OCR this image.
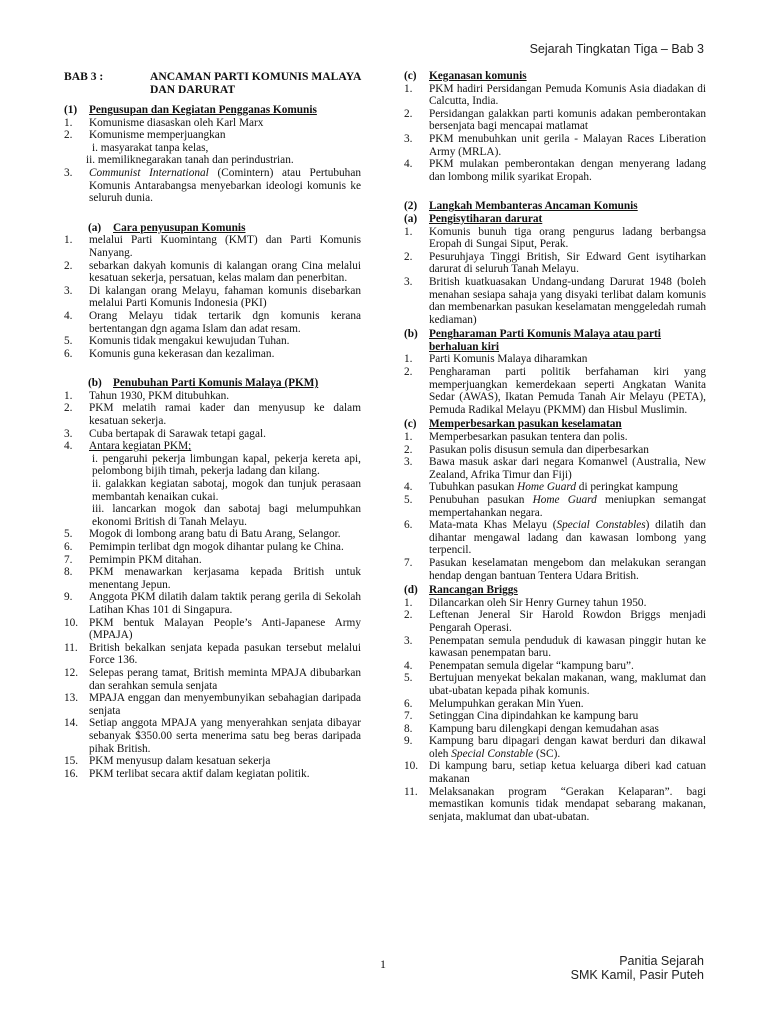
Sejarah Tingkatan Tiga – Bab 3
BAB 3 :	ANCAMAN PARTI KOMUNIS MALAYA DAN DARURAT
(1)	Pengusupan dan Kegiatan Pengganas Komunis
1.	Komunisme diasaskan oleh Karl Marx
2.	Komunisme memperjuangkan
i. masyarakat tanpa kelas,
ii. memiliknegarakan tanah dan perindustrian.
3.	Communist International (Comintern) atau Pertubuhan Komunis Antarabangsa menyebarkan ideologi komunis ke seluruh dunia.
(a)	Cara penyusupan Komunis
1.	melalui Parti Kuomintang (KMT) dan Parti Komunis Nanyang.
2.	sebarkan dakyah komunis di kalangan orang Cina melalui kesatuan sekerja, persatuan, kelas malam dan penerbitan.
3.	Di kalangan orang Melayu, fahaman komunis disebarkan melalui Parti Komunis Indonesia (PKI)
4.	Orang Melayu tidak tertarik dgn komunis kerana bertentangan dgn agama Islam dan adat resam.
5.	Komunis tidak mengakui kewujudan Tuhan.
6.	Komunis guna kekerasan dan kezaliman.
(b) Penubuhan Parti Komunis Malaya (PKM)
1.	Tahun 1930, PKM ditubuhkan.
2.	PKM melatih ramai kader dan menyusup ke dalam kesatuan sekerja.
3.	Cuba bertapak di Sarawak tetapi gagal.
4.	Antara kegiatan PKM;
i. pengaruhi pekerja limbungan kapal, pekerja kereta api, pelombong bijih timah, pekerja ladang dan kilang.
ii. galakkan kegiatan sabotaj, mogok dan tunjuk perasaan membantah kenaikan cukai.
iii. lancarkan mogok dan sabotaj bagi melumpuhkan ekonomi British di Tanah Melayu.
5.	Mogok di lombong arang batu di Batu Arang, Selangor.
6.	Pemimpin terlibat dgn mogok dihantar pulang ke China.
7.	Pemimpin PKM ditahan.
8.	PKM menawarkan kerjasama kepada British untuk menentang Jepun.
9.	Anggota PKM dilatih dalam taktik perang gerila di Sekolah Latihan Khas 101 di Singapura.
10. PKM bentuk Malayan People’s Anti-Japanese Army (MPAJA)
11. British bekalkan senjata kepada pasukan tersebut melalui Force 136.
12. Selepas perang tamat, British meminta MPAJA dibubarkan dan serahkan semula senjata
13. MPAJA enggan dan menyembunyikan sebahagian daripada senjata
14. Setiap anggota MPAJA yang menyerahkan senjata dibayar sebanyak $350.00 serta menerima satu beg beras daripada pihak British.
15. PKM menyusup dalam kesatuan sekerja
16. PKM terlibat secara aktif dalam kegiatan politik.
(c)	Keganasan komunis
1.	PKM hadiri Persidangan Pemuda Komunis Asia diadakan di Calcutta, India.
2.	Persidangan galakkan parti komunis adakan pemberontakan bersenjata bagi mencapai matlamat
3.	PKM menubuhkan unit gerila - Malayan Races Liberation Army (MRLA).
4.	PKM mulakan pemberontakan dengan menyerang ladang dan lombong milik syarikat Eropah.
(2)	Langkah Membanteras Ancaman Komunis
(a)	Pengisytiharan darurat
1.	Komunis bunuh tiga orang pengurus ladang berbangsa Eropah di Sungai Siput, Perak.
2.	Pesuruhjaya Tinggi British, Sir Edward Gent isytiharkan darurat di seluruh Tanah Melayu.
3.	British kuatkuasakan Undang-undang Darurat 1948 (boleh menahan sesiapa sahaja yang disyaki terlibat dalam komunis dan membenarkan pasukan keselamatan menggeledah rumah kediaman)
(b) Pengharaman Parti Komunis Malaya atau parti berhaluan kiri
1.	Parti Komunis Malaya diharamkan
2.	Pengharaman parti politik berfahaman kiri yang memperjuangkan kemerdekaan seperti Angkatan Wanita Sedar (AWAS), Ikatan Pemuda Tanah Air Melayu (PETA), Pemuda Radikal Melayu (PKMM) dan Hisbul Muslimin.
(c)	Memperbesarkan pasukan keselamatan
1.	Memperbesarkan pasukan tentera dan polis.
2.	Pasukan polis disusun semula dan diperbesarkan
3.	Bawa masuk askar dari negara Komanwel (Australia, New Zealand, Afrika Timur dan Fiji)
4.	Tubuhkan pasukan Home Guard di peringkat kampung
5.	Penubuhan pasukan Home Guard meniupkan semangat mempertahankan negara.
6.	Mata-mata Khas Melayu (Special Constables) dilatih dan dihantar mengawal ladang dan kawasan lombong yang terpencil.
7.	Pasukan keselamatan mengebom dan melakukan serangan hendap dengan bantuan Tentera Udara British.
(d) Rancangan Briggs
1.	Dilancarkan oleh Sir Henry Gurney tahun 1950.
2.	Leftenan Jeneral Sir Harold Rowdon Briggs menjadi Pengarah Operasi.
3.	Penempatan semula penduduk di kawasan pinggir hutan ke kawasan penempatan baru.
4.	Penempatan semula digelar “kampung baru”.
5.	Bertujuan menyekat bekalan makanan, wang, maklumat dan ubat-ubatan kepada pihak komunis.
6.	Melumpuhkan gerakan Min Yuen.
7.	Setinggan Cina dipindahkan ke kampung baru
8.	Kampung baru dilengkapi dengan kemudahan asas
9.	Kampung baru dipagari dengan kawat berduri dan dikawal oleh Special Constable (SC).
10. Di kampung baru, setiap ketua keluarga diberi kad catuan makanan
11. Melaksanakan program “Gerakan Kelaparan”. bagi memastikan komunis tidak mendapat sebarang makanan, senjata, maklumat dan ubat-ubatan.
1	Panitia Sejarah
SMK Kamil, Pasir Puteh
